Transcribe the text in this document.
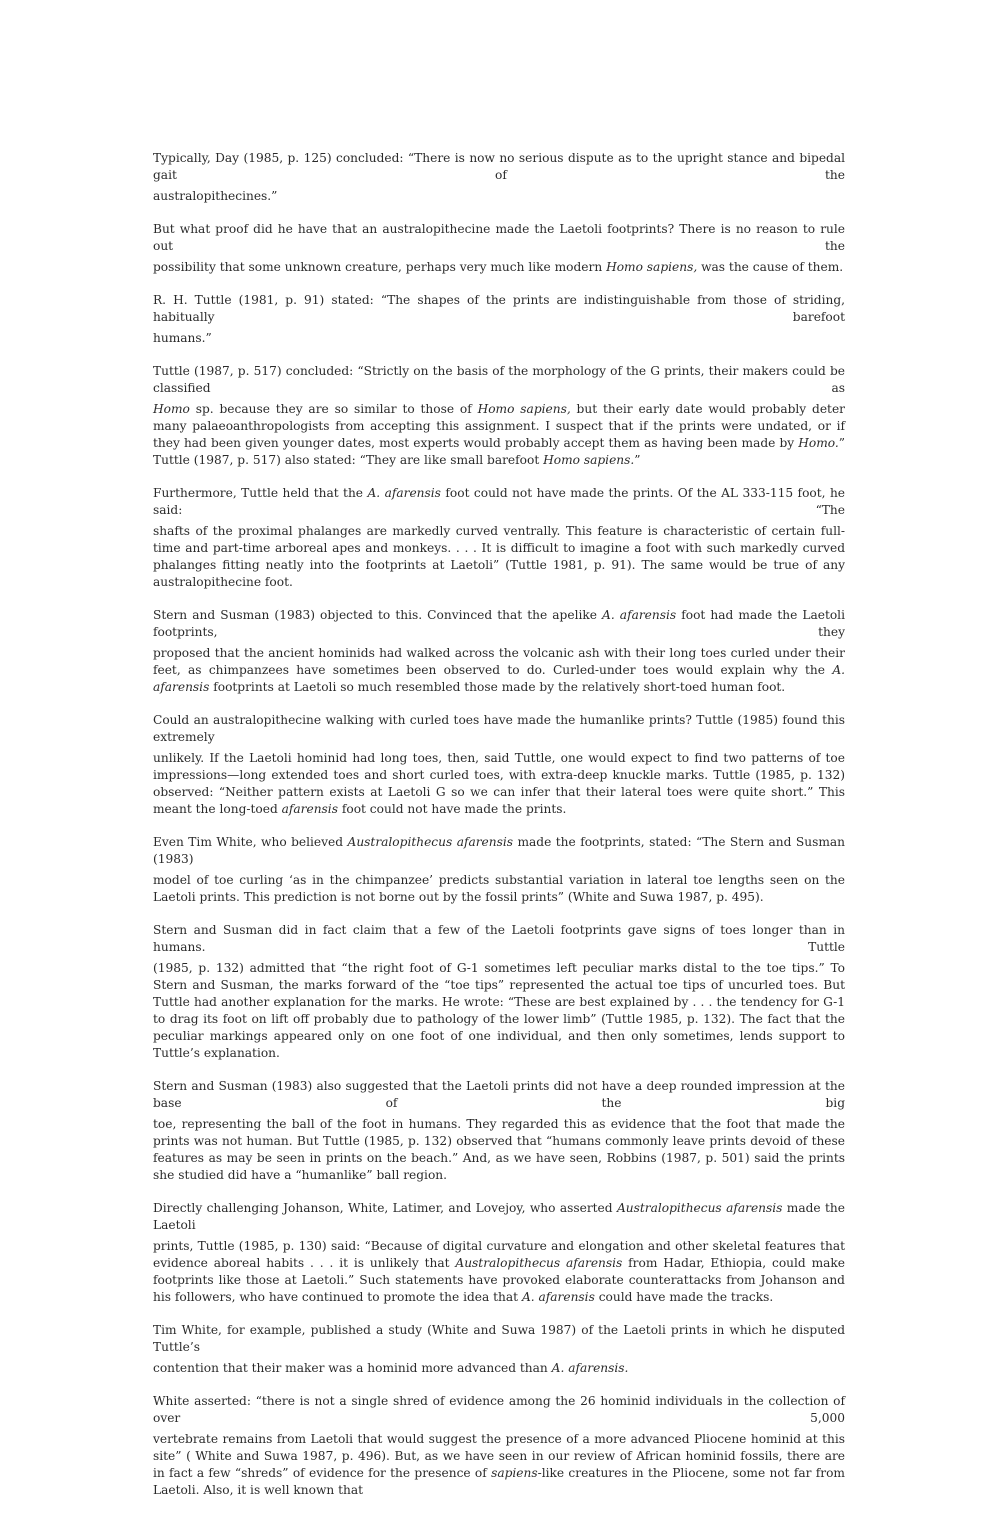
Typically, Day (1985, p. 125) concluded: “There is now no serious dispute as to the upright stance and bipedal gait of the
australopithecines.”

But what proof did he have that an australopithecine made the Laetoli footprints? There is no reason to rule out the
possibility that some unknown creature, perhaps very much like modern Homo sapiens, was the cause of them.

R. H. Tuttle (1981, p. 91) stated: “The shapes of the prints are indistinguishable from those of striding, habitually barefoot
humans.”

Tuttle (1987, p. 517) concluded: “Strictly on the basis of the morphology of the G prints, their makers could be classified as
Homo sp. because they are so similar to those of Homo sapiens, but their early date would probably deter many palaeoanthropologists from accepting this assignment. I suspect that if the prints were undated, or if they had been given younger dates, most experts would probably accept them as having been made by Homo.” Tuttle (1987, p. 517) also stated: “They are like small barefoot Homo sapiens.”

Furthermore, Tuttle held that the A. afarensis foot could not have made the prints. Of the AL 333-115 foot, he said: “The
shafts of the proximal phalanges are markedly curved ventrally. This feature is characteristic of certain full-time and part-time arboreal apes and monkeys. . . . It is difficult to imagine a foot with such markedly curved phalanges fitting neatly into the footprints at Laetoli” (Tuttle 1981, p. 91). The same would be true of any australopithecine foot.

Stern and Susman (1983) objected to this. Convinced that the apelike A. afarensis foot had made the Laetoli footprints, they
proposed that the ancient hominids had walked across the volcanic ash with their long toes curled under their feet, as chimpanzees have sometimes been observed to do. Curled-under toes would explain why the A. afarensis footprints at Laetoli so much resembled those made by the relatively short-toed human foot.

Could an australopithecine walking with curled toes have made the humanlike prints? Tuttle (1985) found this extremely
unlikely. If the Laetoli hominid had long toes, then, said Tuttle, one would expect to find two patterns of toe impressions—long extended toes and short curled toes, with extra-deep knuckle marks. Tuttle (1985, p. 132) observed: “Neither pattern exists at Laetoli G so we can infer that their lateral toes were quite short.” This meant the long-toed afarensis foot could not have made the prints.

Even Tim White, who believed Australopithecus afarensis made the footprints, stated: “The Stern and Susman (1983)
model of toe curling ‘as in the chimpanzee’ predicts substantial variation in lateral toe lengths seen on the Laetoli prints. This prediction is not borne out by the fossil prints” (White and Suwa 1987, p. 495).

Stern and Susman did in fact claim that a few of the Laetoli footprints gave signs of toes longer than in humans. Tuttle
(1985, p. 132) admitted that “the right foot of G-1 sometimes left peculiar marks distal to the toe tips.” To Stern and Susman, the marks forward of the “toe tips” represented the actual toe tips of uncurled toes. But Tuttle had another explanation for the marks. He wrote: “These are best explained by . . . the tendency for G-1 to drag its foot on lift off probably due to pathology of the lower limb” (Tuttle 1985, p. 132). The fact that the peculiar markings appeared only on one foot of one individual, and then only sometimes, lends support to Tuttle’s explanation.

Stern and Susman (1983) also suggested that the Laetoli prints did not have a deep rounded impression at the base of the big
toe, representing the ball of the foot in humans. They regarded this as evidence that the foot that made the prints was not human. But Tuttle (1985, p. 132) observed that “humans commonly leave prints devoid of these features as may be seen in prints on the beach.” And, as we have seen, Robbins (1987, p. 501) said the prints she studied did have a “humanlike” ball region.

Directly challenging Johanson, White, Latimer, and Lovejoy, who asserted Australopithecus afarensis made the Laetoli
prints, Tuttle (1985, p. 130) said: “Because of digital curvature and elongation and other skeletal features that evidence aboreal habits . . . it is unlikely that Australopithecus afarensis from Hadar, Ethiopia, could make footprints like those at Laetoli.” Such statements have provoked elaborate counterattacks from Johanson and his followers, who have continued to promote the idea that A. afarensis could have made the tracks.

Tim White, for example, published a study (White and Suwa 1987) of the Laetoli prints in which he disputed Tuttle’s
contention that their maker was a hominid more advanced than A. afarensis.

White asserted: “there is not a single shred of evidence among the 26 hominid individuals in the collection of over 5,000
vertebrate remains from Laetoli that would suggest the presence of a more advanced Pliocene hominid at this site” ( White and Suwa 1987, p. 496). But, as we have seen in our review of African hominid fossils, there are in fact a few “shreds” of evidence for the presence of sapiens-like creatures in the Pliocene, some not far from Laetoli. Also, it is well known that
